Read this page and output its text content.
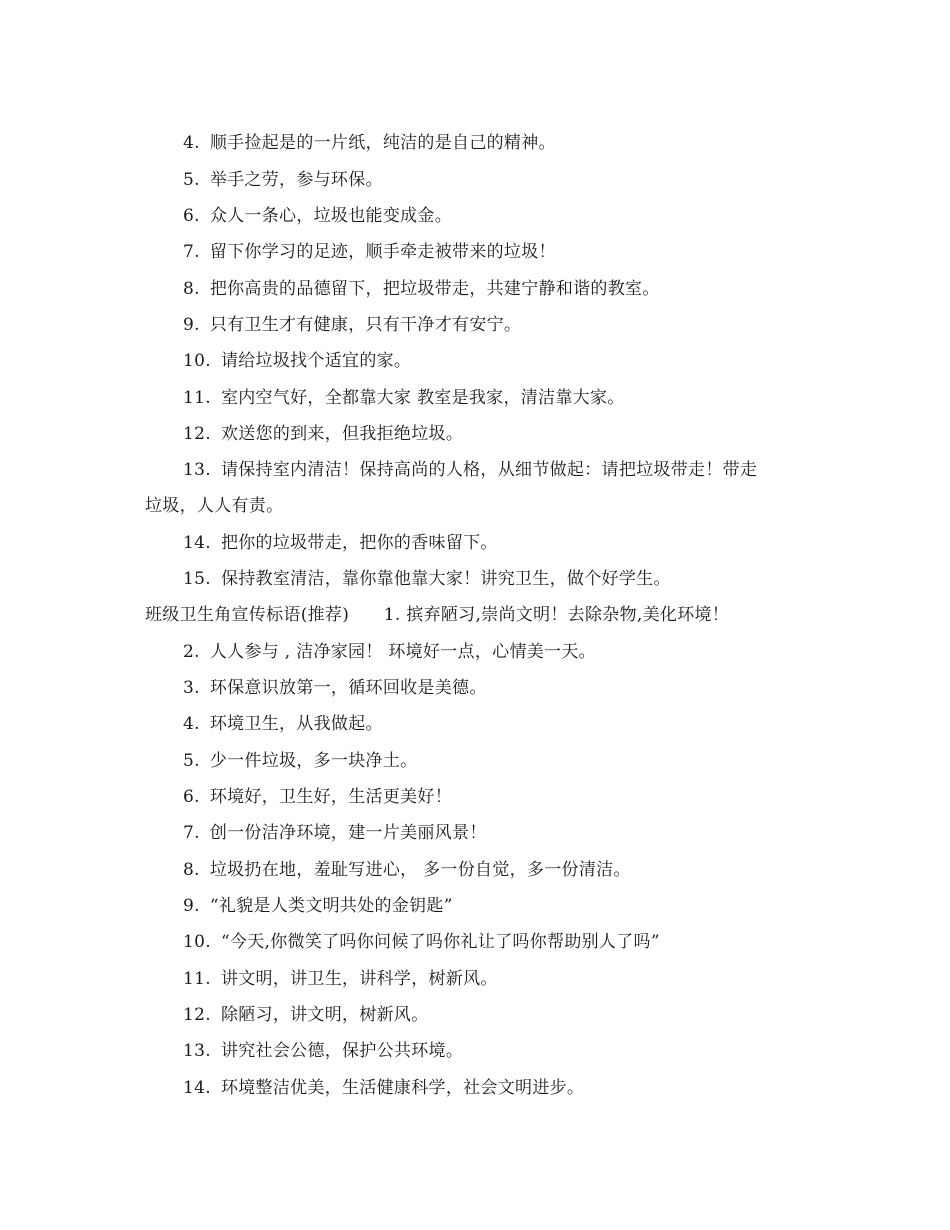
4. 顺手捡起是的一片纸，纯洁的是自己的精神。
5. 举手之劳，参与环保。
6. 众人一条心，垃圾也能变成金。
7. 留下你学习的足迹，顺手牵走被带来的垃圾！
8. 把你高贵的品德留下，把垃圾带走，共建宁静和谐的教室。
9. 只有卫生才有健康，只有干净才有安宁。
10. 请给垃圾找个适宜的家。
11. 室内空气好，全都靠大家 教室是我家，清洁靠大家。
12. 欢送您的到来，但我拒绝垃圾。
13. 请保持室内清洁！保持高尚的人格，从细节做起：请把垃圾带走！带走
垃圾，人人有责。
14. 把你的垃圾带走，把你的香味留下。
15. 保持教室清洁，靠你靠他靠大家！讲究卫生，做个好学生。
班级卫生角宣传标语(推荐)　　1. 摈弃陋习,崇尚文明！去除杂物,美化环境！
2. 人人参与 , 洁净家园！ 环境好一点，心情美一天。
3. 环保意识放第一，循环回收是美德。
4. 环境卫生，从我做起。
5. 少一件垃圾，多一块净土。
6. 环境好，卫生好，生活更美好！
7. 创一份洁净环境，建一片美丽风景！
8. 垃圾扔在地，羞耻写进心， 多一份自觉，多一份清洁。
9. “礼貌是人类文明共处的金钥匙”
10. “今天,你微笑了吗你问候了吗你礼让了吗你帮助别人了吗”
11. 讲文明，讲卫生，讲科学，树新风。
12. 除陋习，讲文明，树新风。
13. 讲究社会公德，保护公共环境。
14. 环境整洁优美，生活健康科学，社会文明进步。
